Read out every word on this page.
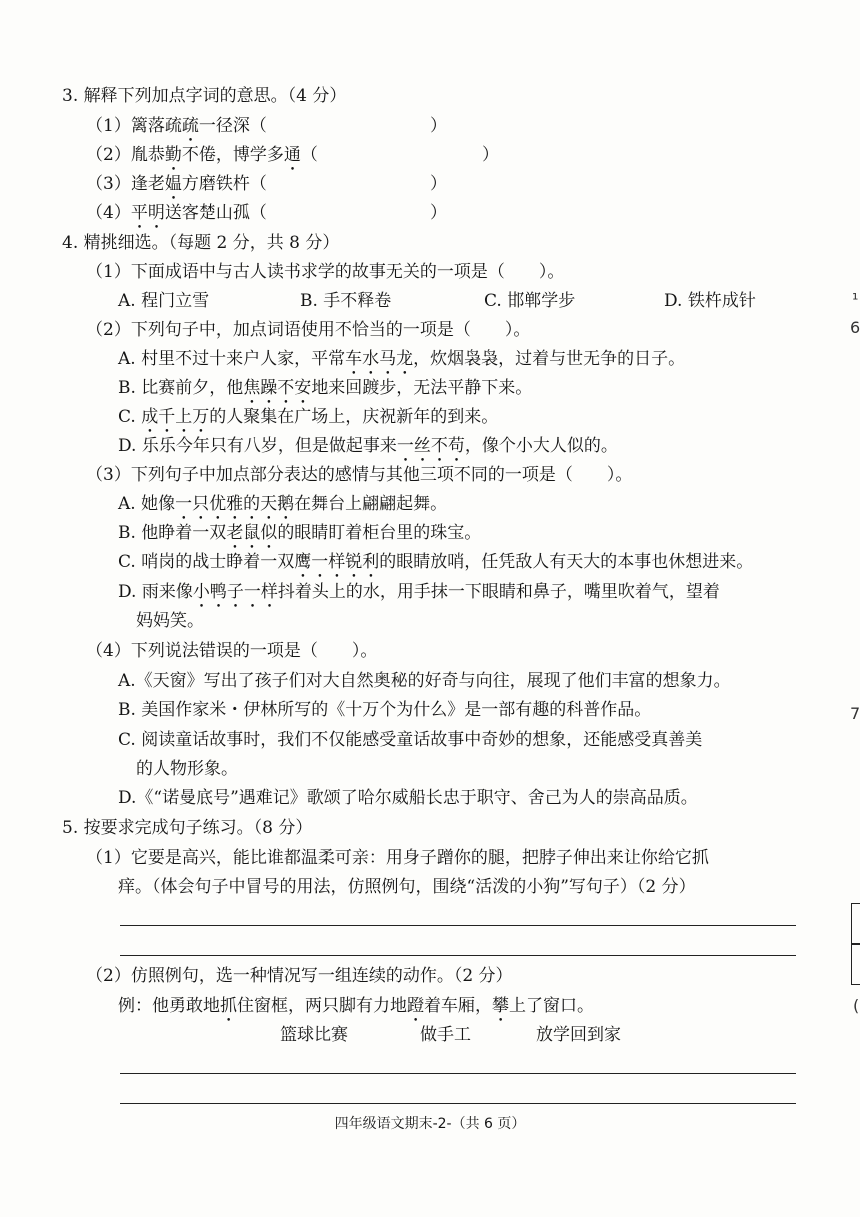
3. 解释下列加点字词的意思。（4 分）
（1）篱落疏疏一径深（	）
（2）胤恭勤不倦，博学多通（	）
（3）逢老媪方磨铁杵（	）
（4）平明送客楚山孤（	）
4. 精挑细选。（每题 2 分，共 8 分）
（1）下面成语中与古人读书求学的故事无关的一项是（　　）。
A. 程门立雪	B. 手不释卷	C. 邯郸学步	D. 铁杵成针
（2）下列句子中，加点词语使用不恰当的一项是（　　）。
A. 村里不过十来户人家，平常车水马龙，炊烟袅袅，过着与世无争的日子。
B. 比赛前夕，他焦躁不安地来回踱步，无法平静下来。
C. 成千上万的人聚集在广场上，庆祝新年的到来。
D. 乐乐今年只有八岁，但是做起事来一丝不苟，像个小大人似的。
（3）下列句子中加点部分表达的感情与其他三项不同的一项是（　　）。
A. 她像一只优雅的天鹅在舞台上翩翩起舞。
B. 他睁着一双老鼠似的眼睛盯着柜台里的珠宝。
C. 哨岗的战士睁着一双鹰一样锐利的眼睛放哨，任凭敌人有天大的本事也休想进来。
D. 雨来像小鸭子一样抖着头上的水，用手抹一下眼睛和鼻子，嘴里吹着气，望着
妈妈笑。
（4）下列说法错误的一项是（　　）。
A.《天窗》写出了孩子们对大自然奥秘的好奇与向往，展现了他们丰富的想象力。
B. 美国作家米・伊林所写的《十万个为什么》是一部有趣的科普作品。
C. 阅读童话故事时，我们不仅能感受童话故事中奇妙的想象，还能感受真善美
的人物形象。
D.《“诺曼底号”遇难记》歌颂了哈尔威船长忠于职守、舍己为人的崇高品质。
5. 按要求完成句子练习。（8 分）
（1）它要是高兴，能比谁都温柔可亲：用身子蹭你的腿，把脖子伸出来让你给它抓
痒。（体会句子中冒号的用法，仿照例句，围绕“活泼的小狗”写句子）（2 分）
（2）仿照例句，选一种情况写一组连续的动作。（2 分）
例：他勇敢地抓住窗框，两只脚有力地蹬着车厢，攀上了窗口。
篮球比赛	做手工	放学回到家
四年级语文期末-2-（共 6 页）
¹
6
7
(
